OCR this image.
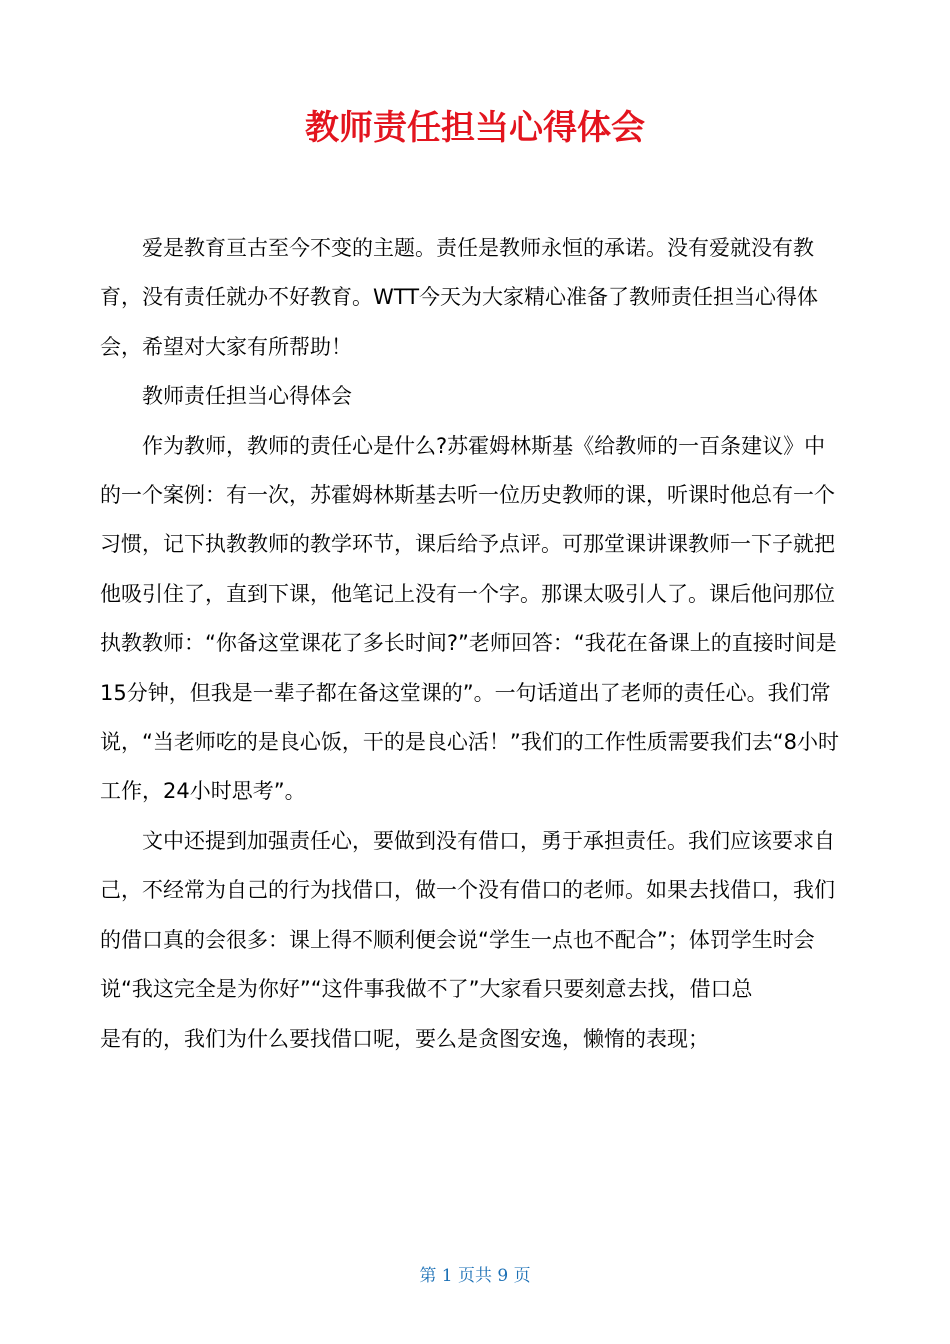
教师责任担当心得体会

爱是教育亘古至今不变的主题。责任是教师永恒的承诺。没有爱就没有教育，没有责任就办不好教育。WTT今天为大家精心准备了教师责任担当心得体会，希望对大家有所帮助！

教师责任担当心得体会

作为教师，教师的责任心是什么?苏霍姆林斯基《给教师的一百条建议》中的一个案例：有一次，苏霍姆林斯基去听一位历史教师的课，听课时他总有一个习惯，记下执教教师的教学环节，课后给予点评。可那堂课讲课教师一下子就把他吸引住了，直到下课，他笔记上没有一个字。那课太吸引人了。课后他问那位执教教师：“你备这堂课花了多长时间?”老师回答：“我花在备课上的直接时间是15分钟，但我是一辈子都在备这堂课的”。一句话道出了老师的责任心。我们常说，“当老师吃的是良心饭，干的是良心活！”我们的工作性质需要我们去“8小时工作，24小时思考”。

文中还提到加强责任心，要做到没有借口，勇于承担责任。我们应该要求自己，不经常为自己的行为找借口，做一个没有借口的老师。如果去找借口，我们的借口真的会很多：课上得不顺利便会说“学生一点也不配合”；体罚学生时会说“我这完全是为你好”“这件事我做不了”大家看只要刻意去找，借口总

是有的，我们为什么要找借口呢，要么是贪图安逸，懒惰的表现；

第 1 页共 9 页
